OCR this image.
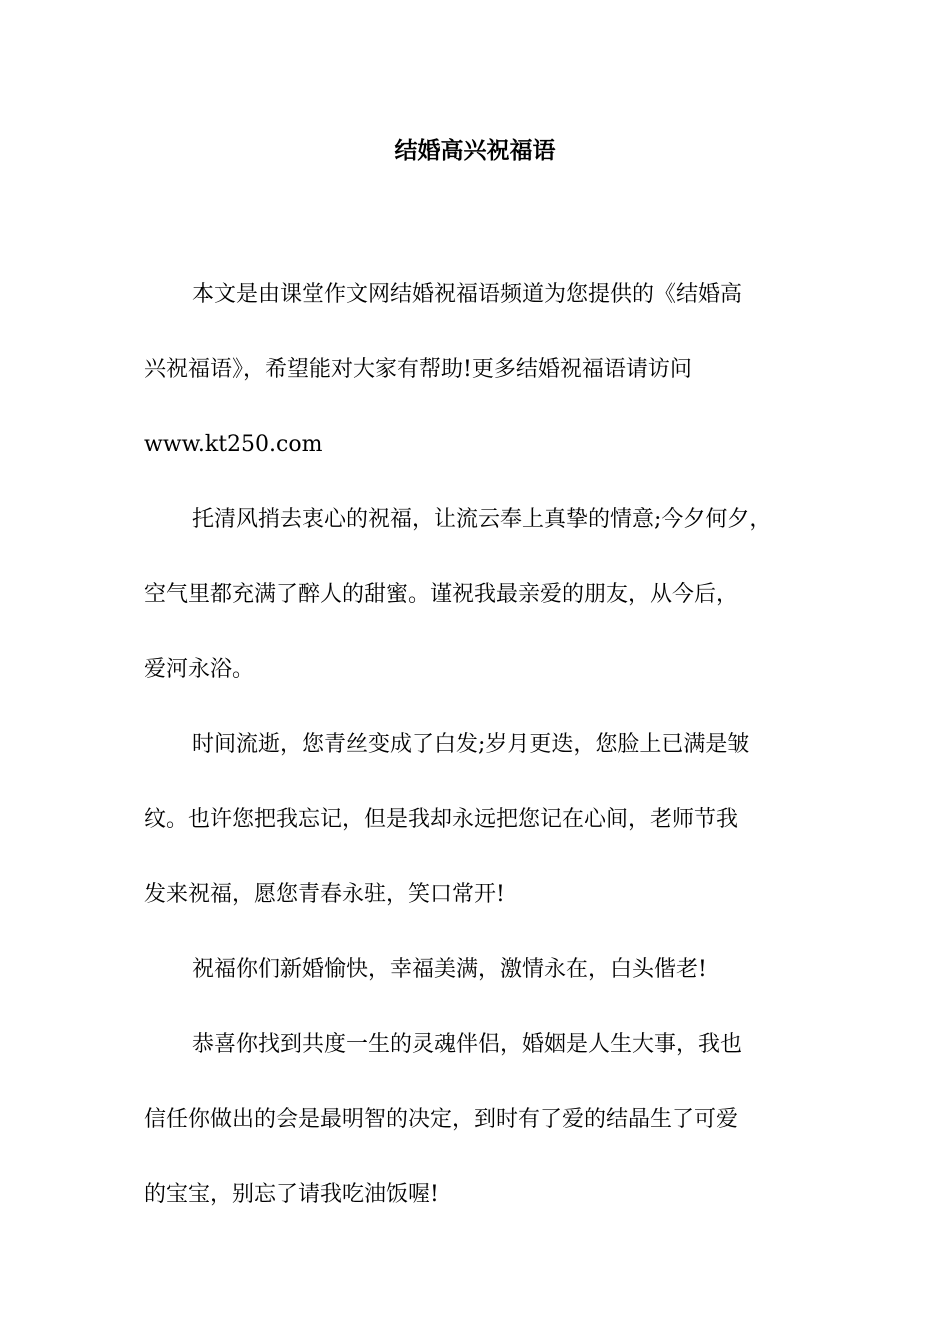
结婚高兴祝福语
本文是由课堂作文网结婚祝福语频道为您提供的《结婚高
兴祝福语》，希望能对大家有帮助!更多结婚祝福语请访问
www.kt250.com
托清风捎去衷心的祝福，让流云奉上真挚的情意;今夕何夕，
空气里都充满了醉人的甜蜜。谨祝我最亲爱的朋友，从今后，
爱河永浴。
时间流逝，您青丝变成了白发;岁月更迭，您脸上已满是皱
纹。也许您把我忘记，但是我却永远把您记在心间，老师节我
发来祝福，愿您青春永驻，笑口常开!
祝福你们新婚愉快，幸福美满，激情永在，白头偕老!
恭喜你找到共度一生的灵魂伴侣，婚姻是人生大事，我也
信任你做出的会是最明智的决定，到时有了爱的结晶生了可爱
的宝宝，别忘了请我吃油饭喔!
